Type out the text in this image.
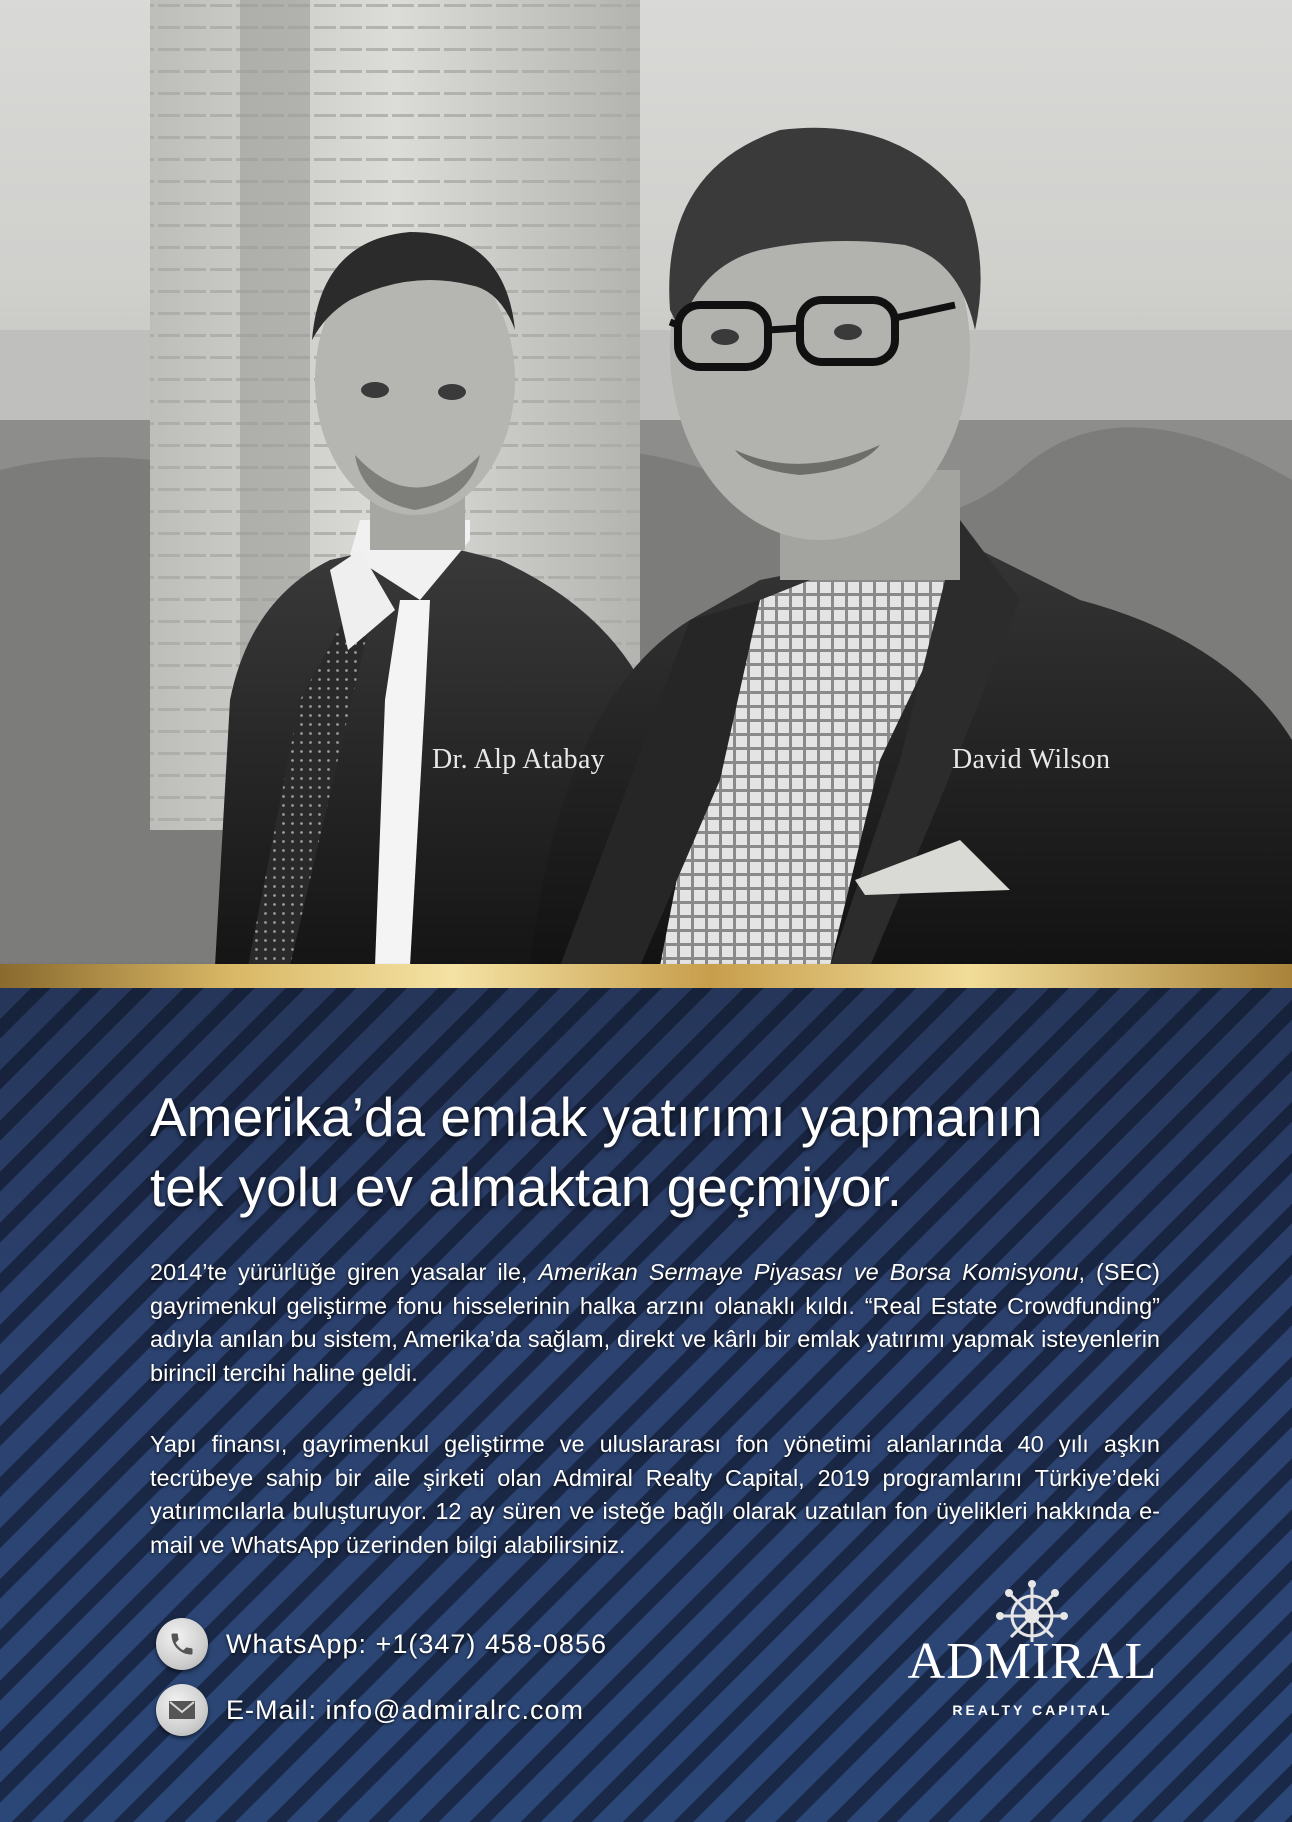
Dr. Alp Atabay	David Wilson
Amerika’da emlak yatırımı yapmanın
tek yolu ev almaktan geçmiyor.

2014’te yürürlüğe giren yasalar ile, Amerikan Sermaye Piyasası ve Borsa Komisyonu, (SEC) gayrimenkul geliştirme fonu hisselerinin halka arzını olanaklı kıldı. “Real Estate Crowdfunding” adıyla anılan bu sistem, Amerika’da sağlam, direkt ve kârlı bir emlak yatırımı yapmak isteyenlerin birincil tercihi haline geldi.

Yapı finansı, gayrimenkul geliştirme ve uluslararası fon yönetimi alanlarında 40 yılı aşkın tecrübeye sahip bir aile şirketi olan Admiral Realty Capital, 2019 programlarını Türkiye’deki yatırımcılarla buluşturuyor. 12 ay süren ve isteğe bağlı olarak uzatılan fon üyelikleri hakkında e-mail ve WhatsApp üzerinden bilgi alabilirsiniz.

WhatsApp: +1(347) 458-0856
E-Mail: info@admiralrc.com
ADMIRAL
REALTY CAPITAL
